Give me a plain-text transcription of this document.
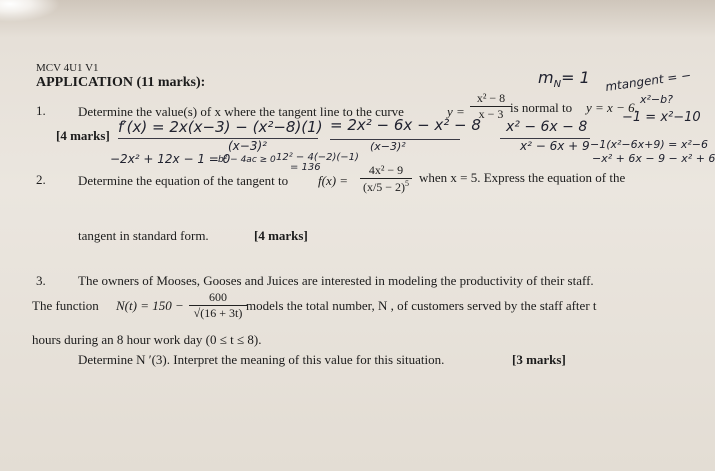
MCV 4U1 V1
APPLICATION (11 marks):	$m_N= 1$ mtangent = −
1. Determine the value(s) of x where the tangent line to the curve	$y = \frac{\text{x² − 8}}{x - 3}$
is normal to y = x − 6.
x²−b?
−1 = x²−10
[4 marks] f′(x) = 2x(x−3) − (x²−8)(1)
(x−3)²
= 2x² − 6x − x² − 8
(x−3)²
x² − 6x − 8
x² − 6x + 9 −1(x²−6x+9) = x²−6
−2x² + 12x − 1 = 0
b² − 4ac ≥ 0 12² − 4(−2)(−1)
= 136
−x² + 6x − 9 − x² + 6
2. Determine the equation of the tangent to $f(x) = \frac{\text{4x² − 9}}{(x/5 - 2)^5}$ when x = 5. Express the equation of the
tangent in standard form.	[4 marks]
3. The owners of Mooses, Gooses and Juices are interested in modeling the productivity of their staff.
The function $N(t) = 150 - \frac{600}{√(16 + 3t)}$ models the total number, N , of customers served by the staff after t
hours during an 8 hour work day (0 ≤ t ≤ 8).
Determine N ′(3). Interpret the meaning of this value for this situation.	[3 marks]
